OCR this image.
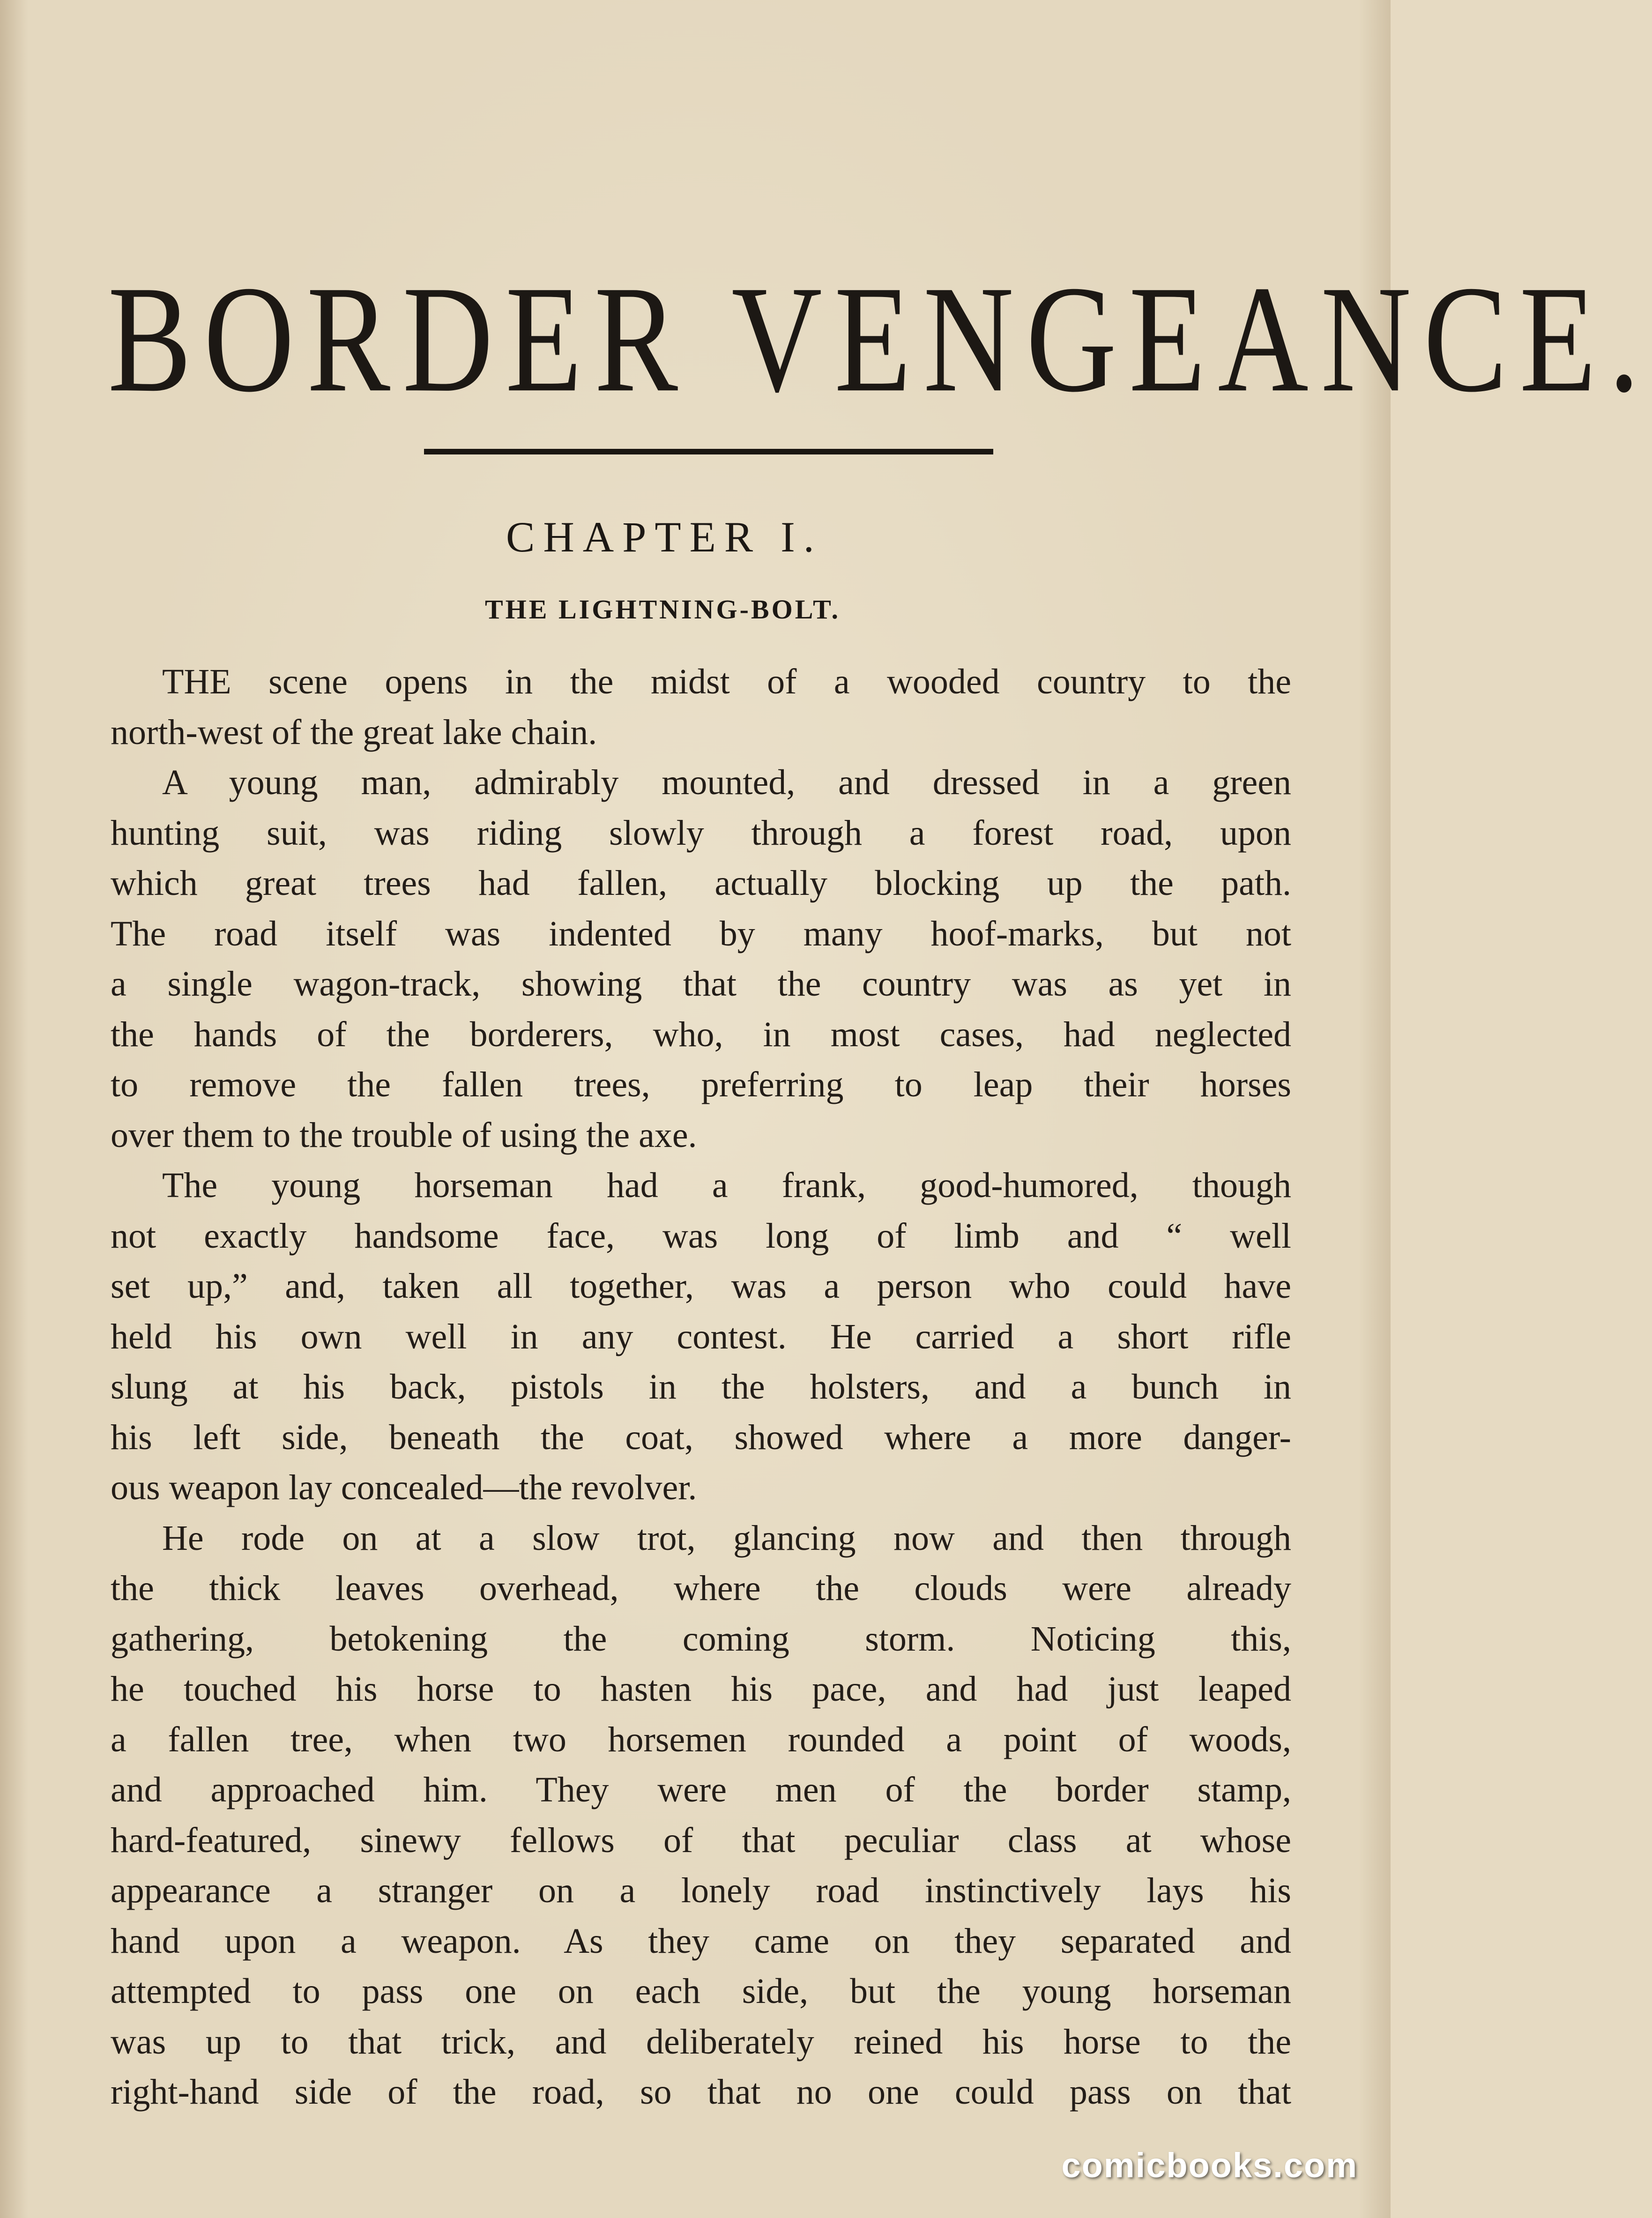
BORDER VENGEANCE.
CHAPTER I.
THE LIGHTNING-BOLT.
THE scene opens in the midst of a wooded country to the
north-west of the great lake chain.
A young man, admirably mounted, and dressed in a green
hunting suit, was riding slowly through a forest road, upon
which great trees had fallen, actually blocking up the path.
The road itself was indented by many hoof-marks, but not
a single wagon-track, showing that the country was as yet in
the hands of the borderers, who, in most cases, had neglected
to remove the fallen trees, preferring to leap their horses
over them to the trouble of using the axe.
The young horseman had a frank, good-humored, though
not exactly handsome face, was long of limb and “ well
set up,” and, taken all together, was a person who could have
held his own well in any contest. He carried a short rifle
slung at his back, pistols in the holsters, and a bunch in
his left side, beneath the coat, showed where a more danger-
ous weapon lay concealed—the revolver.
He rode on at a slow trot, glancing now and then through
the thick leaves overhead, where the clouds were already
gathering, betokening the coming storm. Noticing this,
he touched his horse to hasten his pace, and had just leaped
a fallen tree, when two horsemen rounded a point of woods,
and approached him. They were men of the border stamp,
hard-featured, sinewy fellows of that peculiar class at whose
appearance a stranger on a lonely road instinctively lays his
hand upon a weapon. As they came on they separated and
attempted to pass one on each side, but the young horseman
was up to that trick, and deliberately reined his horse to the
right-hand side of the road, so that no one could pass on that
comicbooks.com
